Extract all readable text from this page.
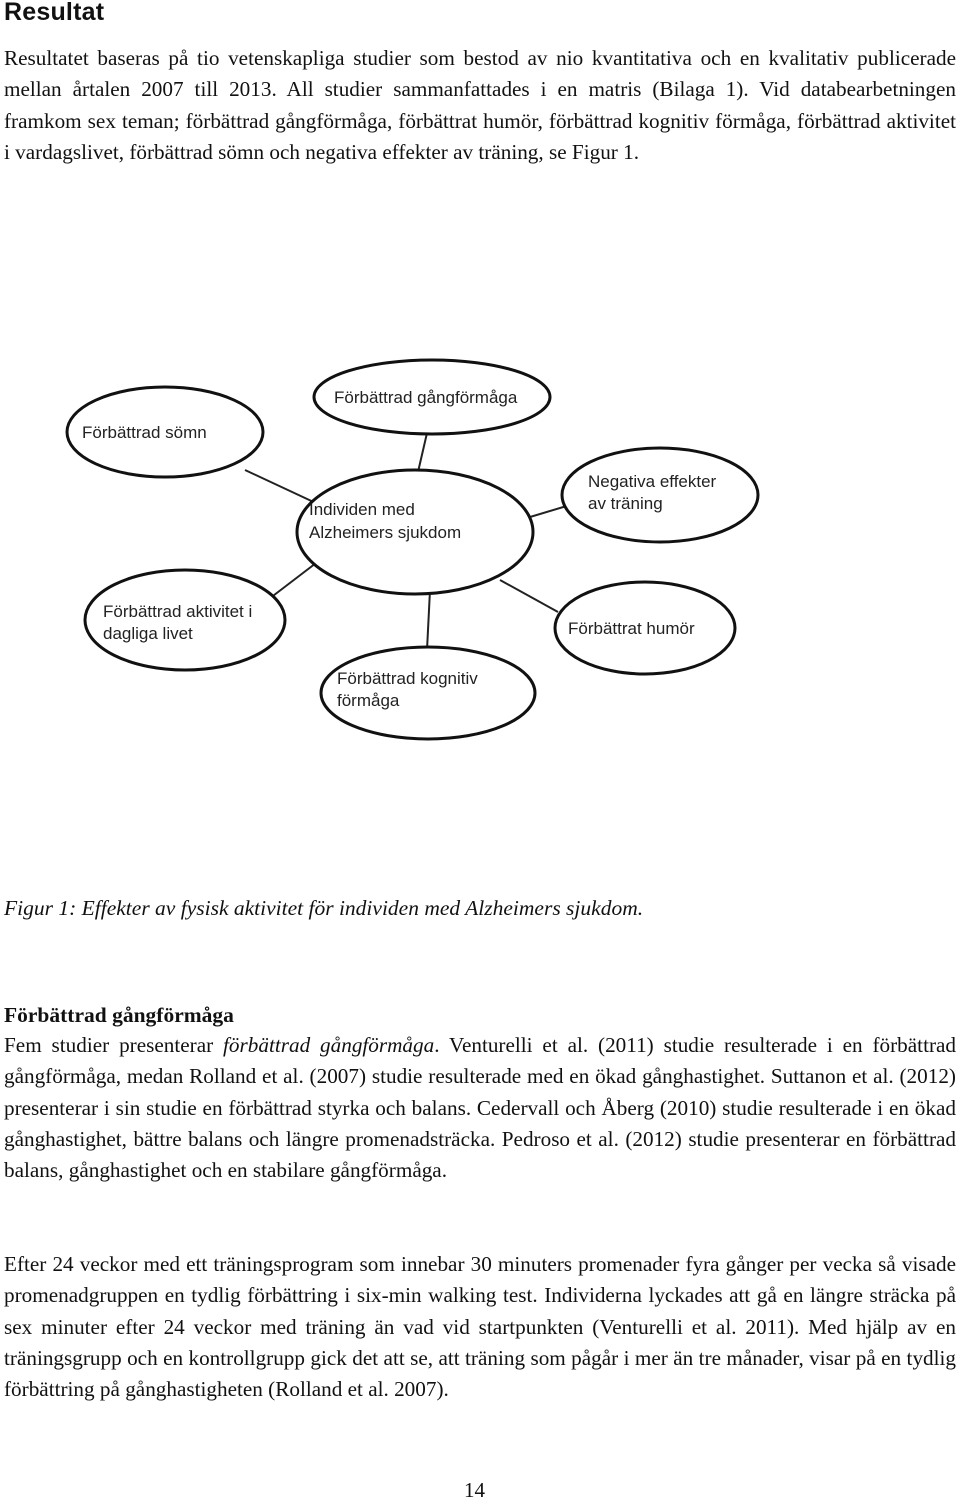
Resultat

Resultatet baseras på tio vetenskapliga studier som bestod av nio kvantitativa och en kvalitativ publicerade mellan årtalen 2007 till 2013. All studier sammanfattades i en matris (Bilaga 1). Vid databearbetningen framkom sex teman; förbättrad gångförmåga, förbättrat humör, förbättrad kognitiv förmåga, förbättrad aktivitet i vardagslivet, förbättrad sömn och negativa effekter av träning, se Figur 1.

Individen med
Alzheimers sjukdom
Förbättrad gångförmåga
Förbättrad sömn
Negativa effekter
av träning
Förbättrad aktivitet i
dagliga livet	Förbättrat humör
Förbättrad kognitiv
förmåga

Figur 1: Effekter av fysisk aktivitet för individen med Alzheimers sjukdom.

Förbättrad gångförmåga

Fem studier presenterar förbättrad gångförmåga. Venturelli et al. (2011) studie resulterade i en förbättrad gångförmåga, medan Rolland et al. (2007) studie resulterade med en ökad gånghastighet. Suttanon et al. (2012) presenterar i sin studie en förbättrad styrka och balans. Cedervall och Åberg (2010) studie resulterade i en ökad gånghastighet, bättre balans och längre promenadsträcka. Pedroso et al. (2012) studie presenterar en förbättrad balans, gånghastighet och en stabilare gångförmåga.

Efter 24 veckor med ett träningsprogram som innebar 30 minuters promenader fyra gånger per vecka så visade promenadgruppen en tydlig förbättring i six-min walking test. Individerna lyckades att gå en längre sträcka på sex minuter efter 24 veckor med träning än vad vid startpunkten (Venturelli et al. 2011). Med hjälp av en träningsgrupp och en kontrollgrupp gick det att se, att träning som pågår i mer än tre månader, visar på en tydlig förbättring på gånghastigheten (Rolland et al. 2007).

14
